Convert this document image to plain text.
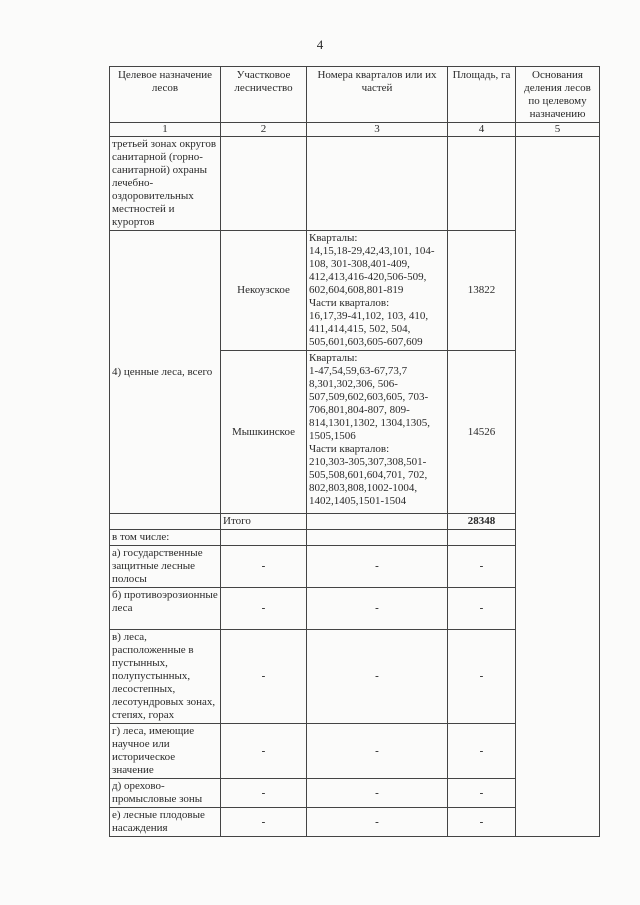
4
Целевое назначение лесов	Участковое лесничество	Номера кварталов или их частей	Площадь, га	Основания деления лесов по целевому назначению
1	2	3	4	5
третьей зонах округов санитарной (горно-санитарной) охраны лечебно-оздоровительных местностей и курортов				
4) ценные леса, всего	Некоузское	Кварталы:
14,15,18-29,42,43,101, 104-108, 301-308,401-409, 412,413,416-420,506-509, 602,604,608,801-819
Части кварталов:
16,17,39-41,102, 103, 410, 411,414,415, 502, 504, 505,601,603,605-607,609	13822	
	Мышкинское	Кварталы:
1-47,54,59,63-67,73,7 8,301,302,306, 506-507,509,602,603,605, 703-706,801,804-807, 809-814,1301,1302, 1304,1305, 1505,1506
Части кварталов:
210,303-305,307,308,501-505,508,601,604,701, 702, 802,803,808,1002-1004, 1402,1405,1501-1504	14526	
	Итого		28348	
в том числе:				
а) государственные защитные лесные полосы	-	-	-	
б) противоэрозионные леса	-	-	-	
в) леса, расположенные в пустынных, полупустынных, лесостепных, лесотундровых зонах, степях, горах	-	-	-	
г) леса, имеющие научное или историческое значение	-	-	-	
д) орехово-промысловые зоны	-	-	-	
е) лесные плодовые насаждения	-	-	-	
